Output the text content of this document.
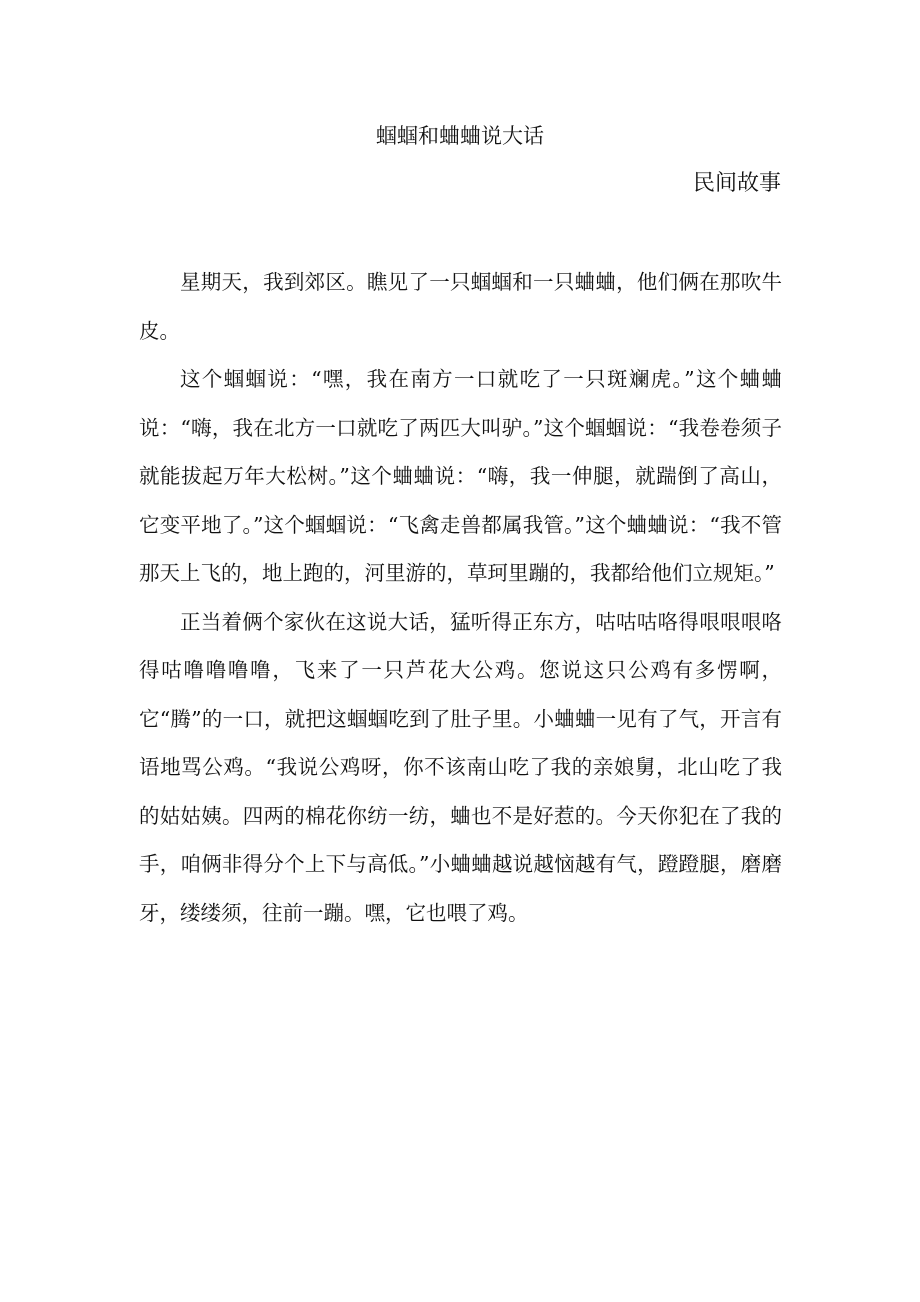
蝈蝈和蛐蛐说大话

民间故事

星期天，我到郊区。瞧见了一只蝈蝈和一只蛐蛐，他们俩在那吹牛皮。

这个蝈蝈说：“嘿，我在南方一口就吃了一只斑斓虎。”这个蛐蛐说：“嗨，我在北方一口就吃了两匹大叫驴。”这个蝈蝈说：“我卷卷须子就能拔起万年大松树。”这个蛐蛐说：“嗨，我一伸腿，就踹倒了高山，它变平地了。”这个蝈蝈说：“飞禽走兽都属我管。”这个蛐蛐说：“我不管那天上飞的，地上跑的，河里游的，草珂里蹦的，我都给他们立规矩。”

正当着俩个家伙在这说大话，猛听得正东方，咕咕咕咯得哏哏哏咯得咕噜噜噜噜，飞来了一只芦花大公鸡。您说这只公鸡有多愣啊，它“腾”的一口，就把这蝈蝈吃到了肚子里。小蛐蛐一见有了气，开言有语地骂公鸡。“我说公鸡呀，你不该南山吃了我的亲娘舅，北山吃了我的姑姑姨。四两的棉花你纺一纺，蛐也不是好惹的。今天你犯在了我的手，咱俩非得分个上下与高低。”小蛐蛐越说越恼越有气，蹬蹬腿，磨磨牙，缕缕须，往前一蹦。嘿，它也喂了鸡。
